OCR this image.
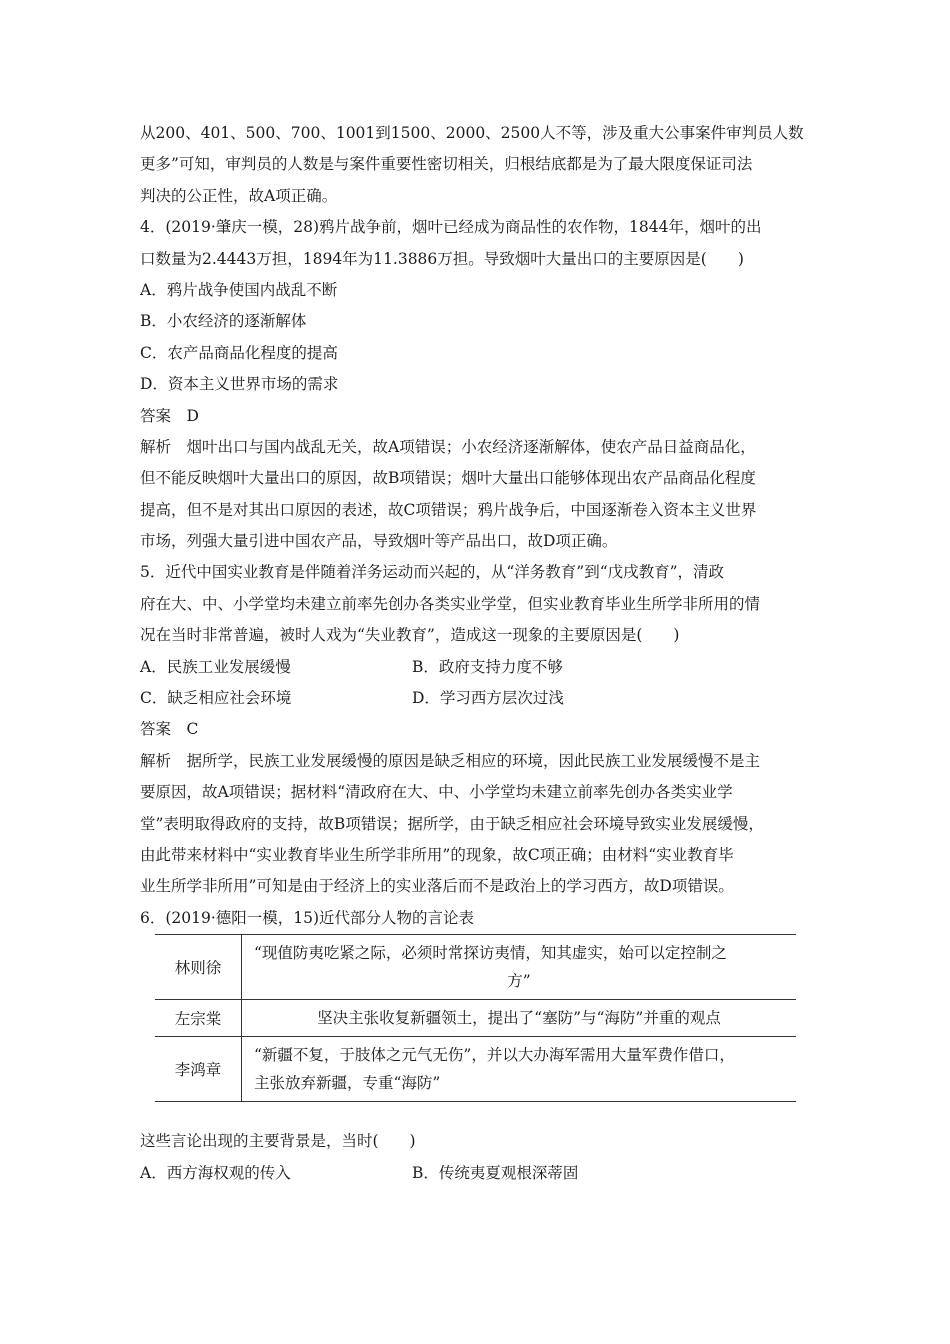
从200、401、500、700、1001到1500、2000、2500人不等，涉及重大公事案件审判员人数
更多”可知，审判员的人数是与案件重要性密切相关，归根结底都是为了最大限度保证司法
判决的公正性，故A项正确。
4．(2019·肇庆一模，28)鸦片战争前，烟叶已经成为商品性的农作物，1844年，烟叶的出
口数量为2.4443万担，1894年为11.3886万担。导致烟叶大量出口的主要原因是(　　)
A．鸦片战争使国内战乱不断
B．小农经济的逐渐解体
C．农产品商品化程度的提高
D．资本主义世界市场的需求
答案　D
解析　烟叶出口与国内战乱无关，故A项错误；小农经济逐渐解体，使农产品日益商品化，
但不能反映烟叶大量出口的原因，故B项错误；烟叶大量出口能够体现出农产品商品化程度
提高，但不是对其出口原因的表述，故C项错误；鸦片战争后，中国逐渐卷入资本主义世界
市场，列强大量引进中国农产品，导致烟叶等产品出口，故D项正确。
5．近代中国实业教育是伴随着洋务运动而兴起的，从“洋务教育”到“戊戌教育”，清政
府在大、中、小学堂均未建立前率先创办各类实业学堂，但实业教育毕业生所学非所用的情
况在当时非常普遍，被时人戏为“失业教育”，造成这一现象的主要原因是(　　)
A．民族工业发展缓慢	B．政府支持力度不够
C．缺乏相应社会环境	D．学习西方层次过浅
答案　C
解析　据所学，民族工业发展缓慢的原因是缺乏相应的环境，因此民族工业发展缓慢不是主
要原因，故A项错误；据材料“清政府在大、中、小学堂均未建立前率先创办各类实业学
堂”表明取得政府的支持，故B项错误；据所学，由于缺乏相应社会环境导致实业发展缓慢，
由此带来材料中“实业教育毕业生所学非所用”的现象，故C项正确；由材料“实业教育毕
业生所学非所用”可知是由于经济上的实业落后而不是政治上的学习西方，故D项错误。
6．(2019·德阳一模，15)近代部分人物的言论表
林则徐	“现值防夷吃紧之际，必须时常探访夷情，知其虚实，始可以定控制之
方”

左宗棠	坚决主张收复新疆领土，提出了“塞防”与“海防”并重的观点

李鸿章	“新疆不复，于肢体之元气无伤”，并以大办海军需用大量军费作借口，
主张放弃新疆，专重“海防”
这些言论出现的主要背景是，当时(　　)
A．西方海权观的传入	B．传统夷夏观根深蒂固
